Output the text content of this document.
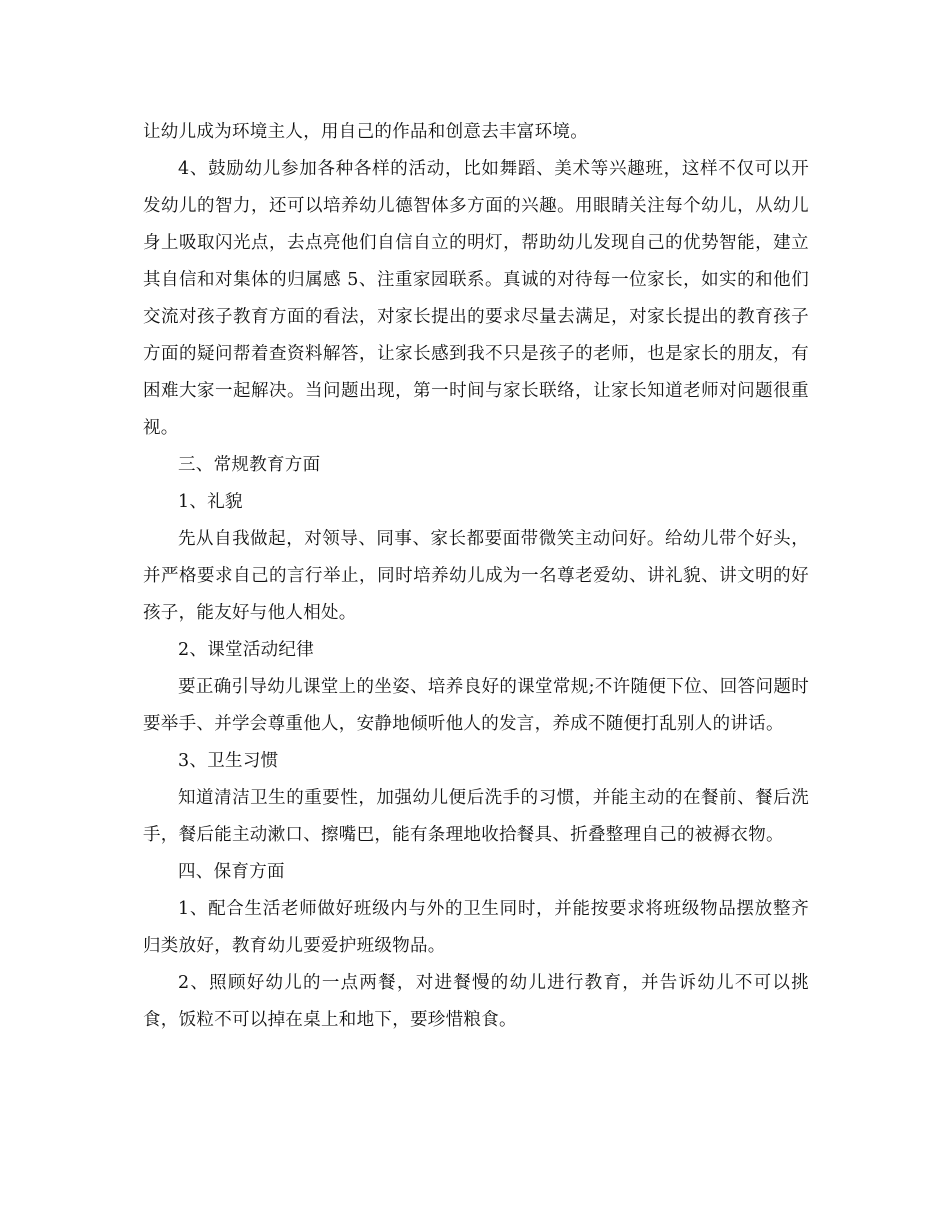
让幼儿成为环境主人，用自己的作品和创意去丰富环境。

4、鼓励幼儿参加各种各样的活动，比如舞蹈、美术等兴趣班，这样不仅可以开发幼儿的智力，还可以培养幼儿德智体多方面的兴趣。用眼睛关注每个幼儿，从幼儿身上吸取闪光点，去点亮他们自信自立的明灯，帮助幼儿发现自己的优势智能，建立其自信和对集体的归属感 5、注重家园联系。真诚的对待每一位家长，如实的和他们交流对孩子教育方面的看法，对家长提出的要求尽量去满足，对家长提出的教育孩子方面的疑问帮着查资料解答，让家长感到我不只是孩子的老师，也是家长的朋友，有困难大家一起解决。当问题出现，第一时间与家长联络，让家长知道老师对问题很重视。

三、常规教育方面

1、礼貌

先从自我做起，对领导、同事、家长都要面带微笑主动问好。给幼儿带个好头，并严格要求自己的言行举止，同时培养幼儿成为一名尊老爱幼、讲礼貌、讲文明的好孩子，能友好与他人相处。

2、课堂活动纪律

要正确引导幼儿课堂上的坐姿、培养良好的课堂常规;不许随便下位、回答问题时要举手、并学会尊重他人，安静地倾听他人的发言，养成不随便打乱别人的讲话。

3、卫生习惯

知道清洁卫生的重要性，加强幼儿便后洗手的习惯，并能主动的在餐前、餐后洗手，餐后能主动漱口、擦嘴巴，能有条理地收拾餐具、折叠整理自己的被褥衣物。

四、保育方面

1、配合生活老师做好班级内与外的卫生同时，并能按要求将班级物品摆放整齐归类放好，教育幼儿要爱护班级物品。

2、照顾好幼儿的一点两餐，对进餐慢的幼儿进行教育，并告诉幼儿不可以挑食，饭粒不可以掉在桌上和地下，要珍惜粮食。
